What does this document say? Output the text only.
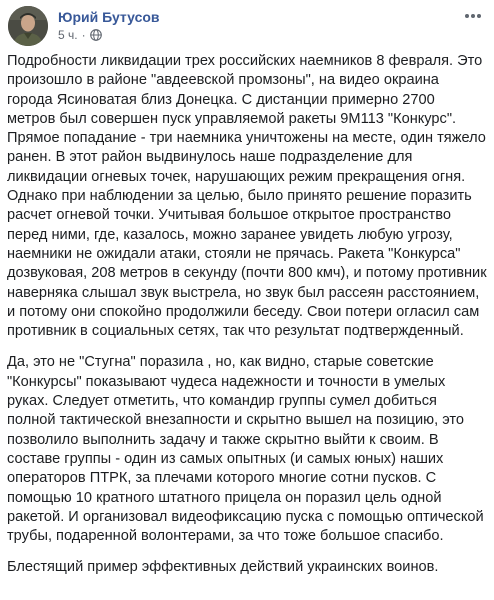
Юрий Бутусов
5 ч. ·

Подробности ликвидации трех российских наемников 8 февраля. Это произошло в районе "авдеевской промзоны", на видео окраина города Ясиноватая близ Донецка. С дистанции примерно 2700 метров был совершен пуск управляемой ракеты 9М113 "Конкурс". Прямое попадание - три наемника уничтожены на месте, один тяжело ранен. В этот район выдвинулось наше подразделение для ликвидации огневых точек, нарушающих режим прекращения огня. Однако при наблюдении за целью, было принято решение поразить расчет огневой точки. Учитывая большое открытое пространство перед ними, где, казалось, можно заранее увидеть любую угрозу, наемники не ожидали атаки, стояли не прячась. Ракета "Конкурса" дозвуковая, 208 метров в секунду (почти 800 кмч), и потому противник наверняка слышал звук выстрела, но звук был рассеян расстоянием, и потому они спокойно продолжили беседу. Свои потери огласил сам противник в социальных сетях, так что результат подтвержденный.

Да, это не "Стугна" поразила , но, как видно, старые советские "Конкурсы" показывают чудеса надежности и точности в умелых руках. Следует отметить, что командир группы сумел добиться полной тактической внезапности и скрытно вышел на позицию, это позволило выполнить задачу и также скрытно выйти к своим. В составе группы - один из самых опытных (и самых юных) наших операторов ПТРК, за плечами которого многие сотни пусков. С помощью 10 кратного штатного прицела он поразил цель одной ракетой. И организовал видеофиксацию пуска с помощью оптической трубы, подаренной волонтерами, за что тоже большое спасибо.

Блестящий пример эффективных действий украинских воинов.
